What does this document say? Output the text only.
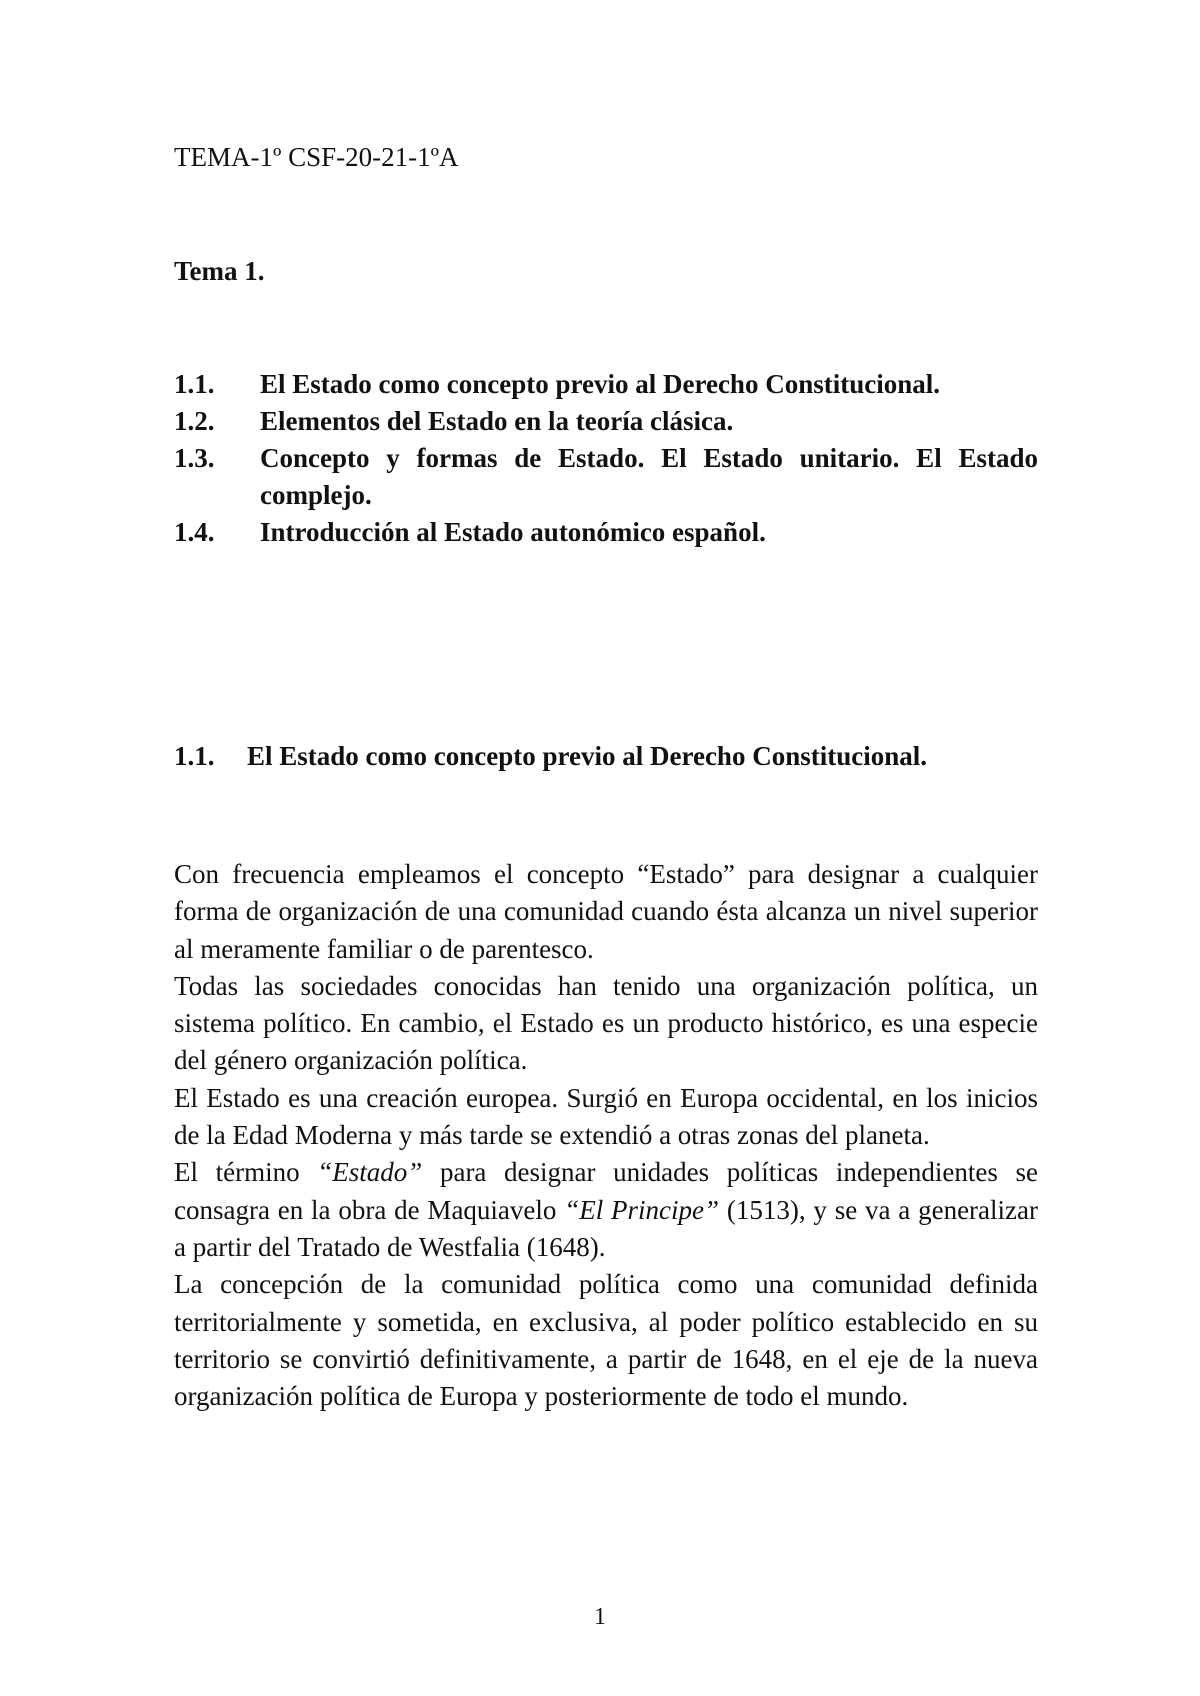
TEMA-1º CSF-20-21-1ºA
Tema 1.
1.1.	El Estado como concepto previo al Derecho Constitucional.
1.2.	Elementos del Estado en la teoría clásica.
1.3.	Concepto y formas de Estado. El Estado unitario. El Estado complejo.
1.4.	Introducción al Estado autonómico español.
1.1.	El Estado como concepto previo al Derecho Constitucional.

Con frecuencia empleamos el concepto “Estado” para designar a cualquier forma de organización de una comunidad cuando ésta alcanza un nivel superior al meramente familiar o de parentesco.

Todas las sociedades conocidas han tenido una organización política, un sistema político. En cambio, el Estado es un producto histórico, es una especie del género organización política.

El Estado es una creación europea. Surgió en Europa occidental, en los inicios de la Edad Moderna y más tarde se extendió a otras zonas del planeta.

El término “Estado” para designar unidades políticas independientes se consagra en la obra de Maquiavelo “El Principe” (1513), y se va a generalizar a partir del Tratado de Westfalia (1648).

La concepción de la comunidad política como una comunidad definida territorialmente y sometida, en exclusiva, al poder político establecido en su territorio se convirtió definitivamente, a partir de 1648, en el eje de la nueva organización política de Europa y posteriormente de todo el mundo.

1
